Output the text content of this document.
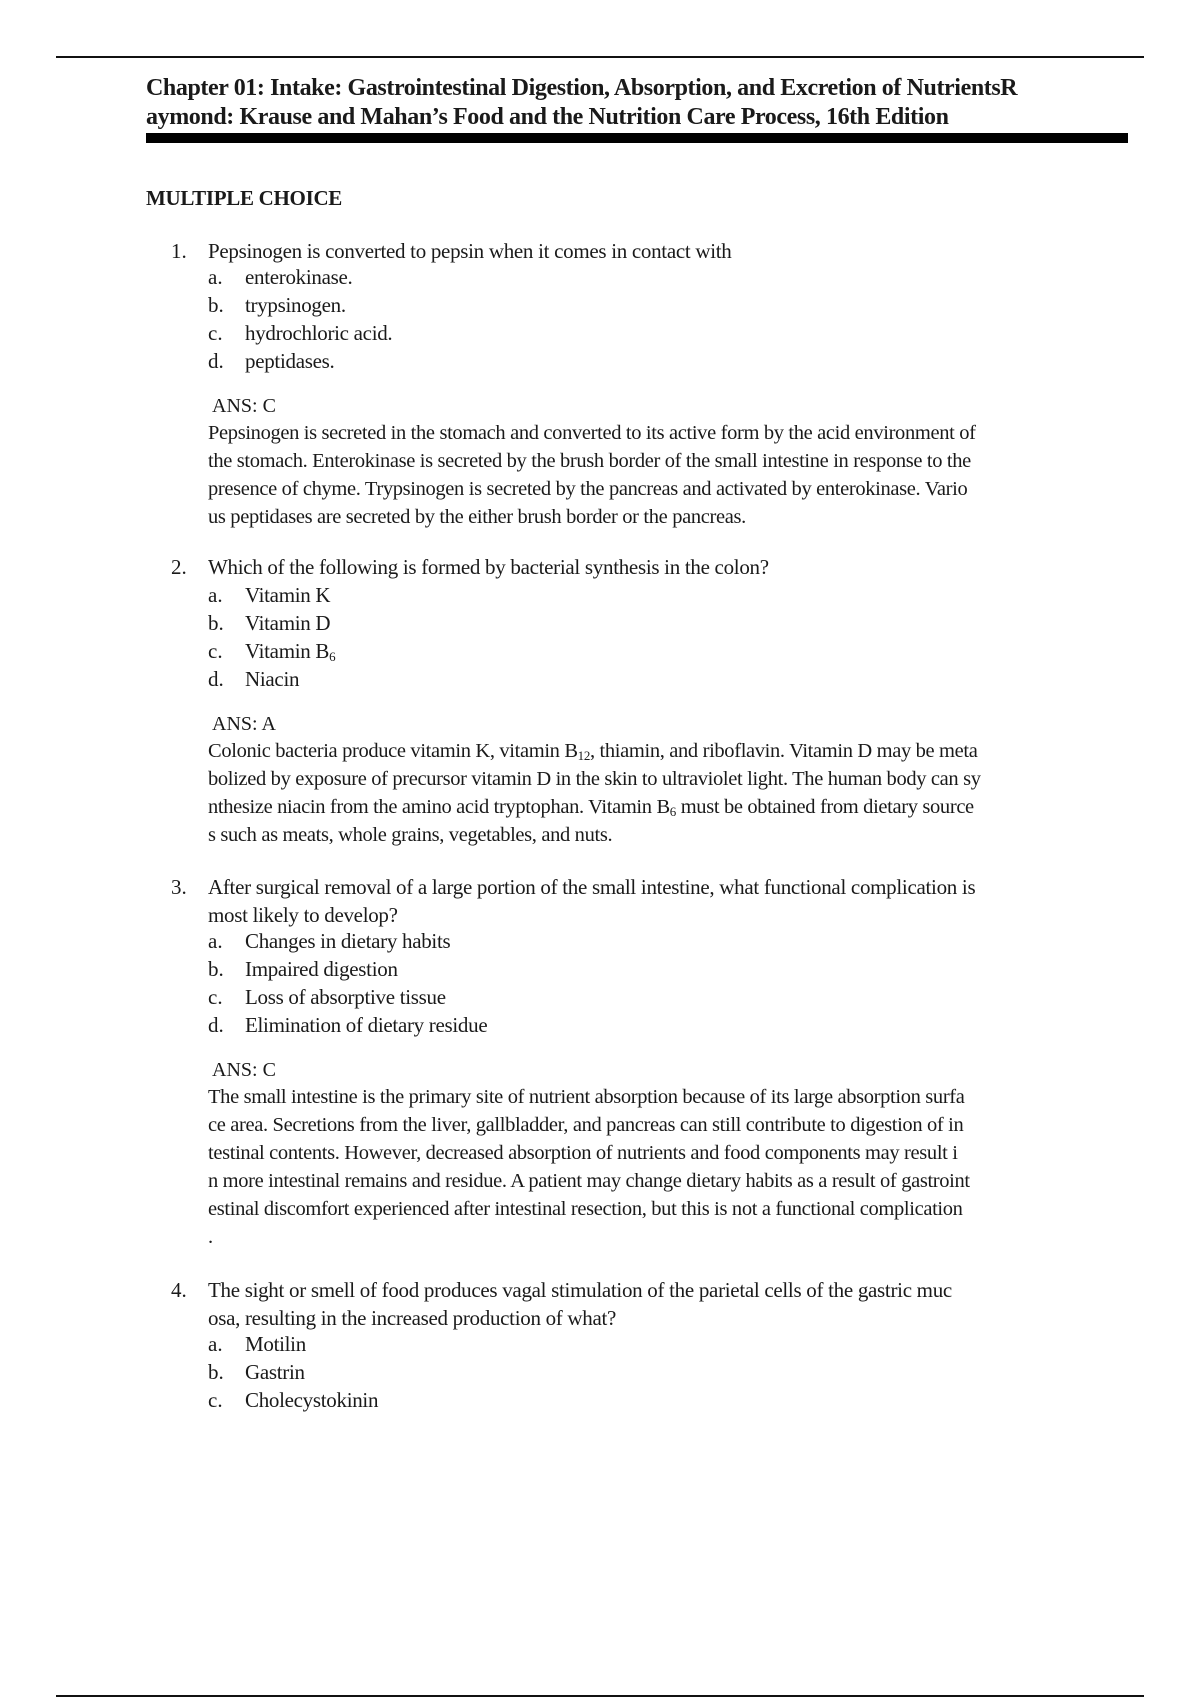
Chapter 01: Intake: Gastrointestinal Digestion, Absorption, and Excretion of NutrientsR
aymond: Krause and Mahan’s Food and the Nutrition Care Process, 16th Edition
MULTIPLE CHOICE
1. Pepsinogen is converted to pepsin when it comes in contact with
a.	enterokinase.
b.	trypsinogen.
c.	hydrochloric acid.
d.	peptidases.
ANS: C
Pepsinogen is secreted in the stomach and converted to its active form by the acid environment of
the stomach. Enterokinase is secreted by the brush border of the small intestine in response to the
presence of chyme. Trypsinogen is secreted by the pancreas and activated by enterokinase. Vario
us peptidases are secreted by the either brush border or the pancreas.
2. Which of the following is formed by bacterial synthesis in the colon?
a.	Vitamin K
b.	Vitamin D
c.	Vitamin $B_6$
d.	Niacin
ANS: A
Colonic bacteria produce vitamin K, vitamin $B_{12}$, thiamin, and riboflavin. Vitamin D may be meta
bolized by exposure of precursor vitamin D in the skin to ultraviolet light. The human body can sy
nthesize niacin from the amino acid tryptophan. Vitamin $B_6$ must be obtained from dietary source
s such as meats, whole grains, vegetables, and nuts.
3. After surgical removal of a large portion of the small intestine, what functional complication is
most likely to develop?
a.	Changes in dietary habits
b.	Impaired digestion
c.	Loss of absorptive tissue
d.	Elimination of dietary residue
ANS: C
The small intestine is the primary site of nutrient absorption because of its large absorption surfa
ce area. Secretions from the liver, gallbladder, and pancreas can still contribute to digestion of in
testinal contents. However, decreased absorption of nutrients and food components may result i
n more intestinal remains and residue. A patient may change dietary habits as a result of gastroint
estinal discomfort experienced after intestinal resection, but this is not a functional complication
.
4. The sight or smell of food produces vagal stimulation of the parietal cells of the gastric muc
osa, resulting in the increased production of what?
a.	Motilin
b.	Gastrin
c.	Cholecystokinin
